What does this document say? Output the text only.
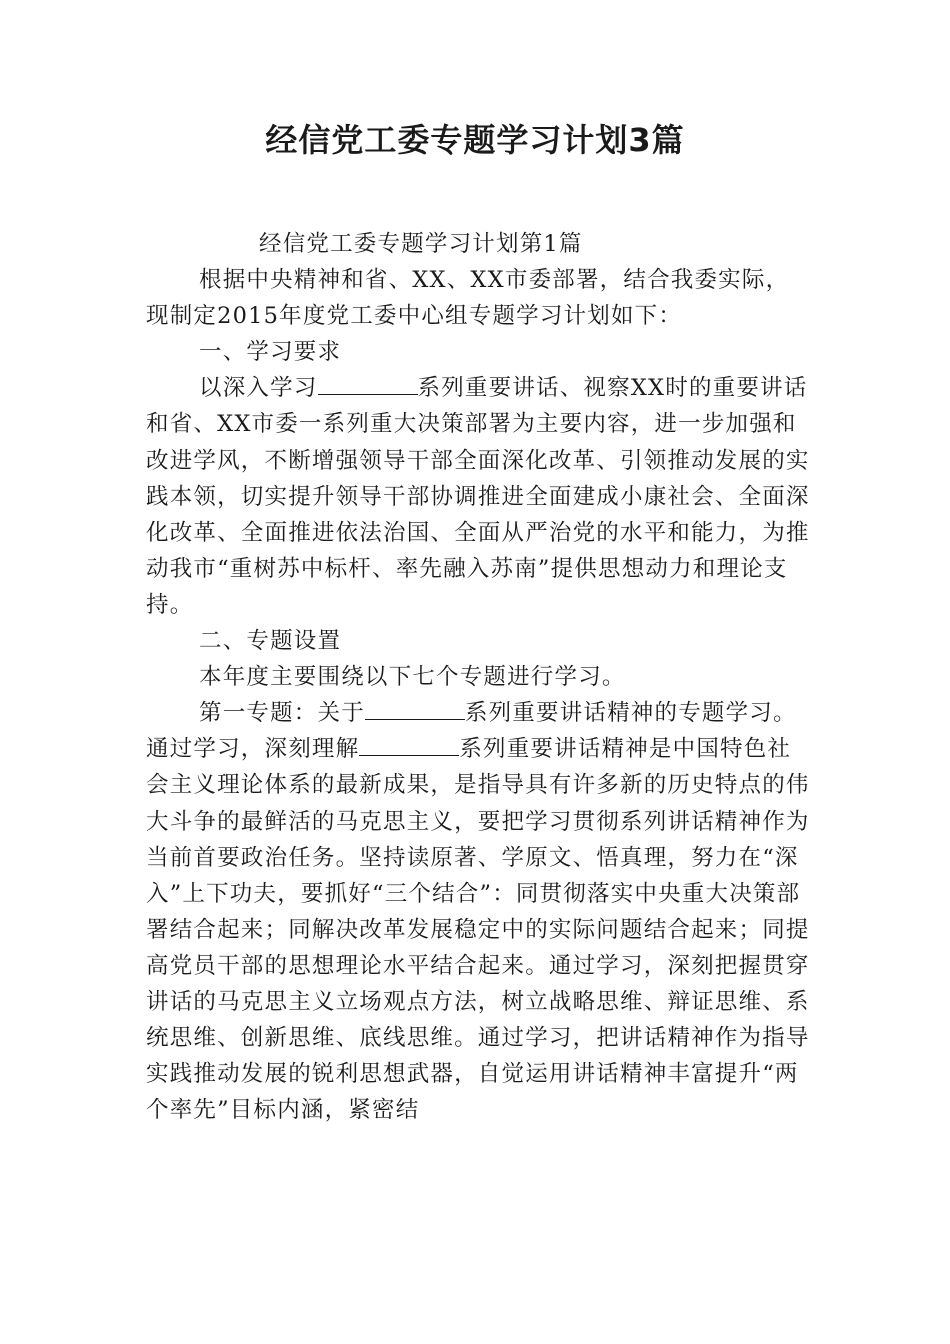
经信党工委专题学习计划3篇

经信党工委专题学习计划第1篇

根据中央精神和省、XX、XX市委部署，结合我委实际，现制定2015年度党工委中心组专题学习计划如下：

一、学习要求

以深入学习	系列重要讲话、视察XX时的重要讲话和省、XX市委一系列重大决策部署为主要内容，进一步加强和改进学风，不断增强领导干部全面深化改革、引领推动发展的实践本领，切实提升领导干部协调推进全面建成小康社会、全面深化改革、全面推进依法治国、全面从严治党的水平和能力，为推动我市“重树苏中标杆、率先融入苏南”提供思想动力和理论支持。

二、专题设置

本年度主要围绕以下七个专题进行学习。

第一专题：关于	系列重要讲话精神的专题学习。通过学习，深刻理解	系列重要讲话精神是中国特色社会主义理论体系的最新成果，是指导具有许多新的历史特点的伟大斗争的最鲜活的马克思主义，要把学习贯彻系列讲话精神作为当前首要政治任务。坚持读原著、学原文、悟真理，努力在“深入”上下功夫，要抓好“三个结合”：同贯彻落实中央重大决策部署结合起来；同解决改革发展稳定中的实际问题结合起来；同提高党员干部的思想理论水平结合起来。通过学习，深刻把握贯穿讲话的马克思主义立场观点方法，树立战略思维、辩证思维、系统思维、创新思维、底线思维。通过学习，把讲话精神作为指导实践推动发展的锐利思想武器，自觉运用讲话精神丰富提升“两个率先”目标内涵，紧密结
